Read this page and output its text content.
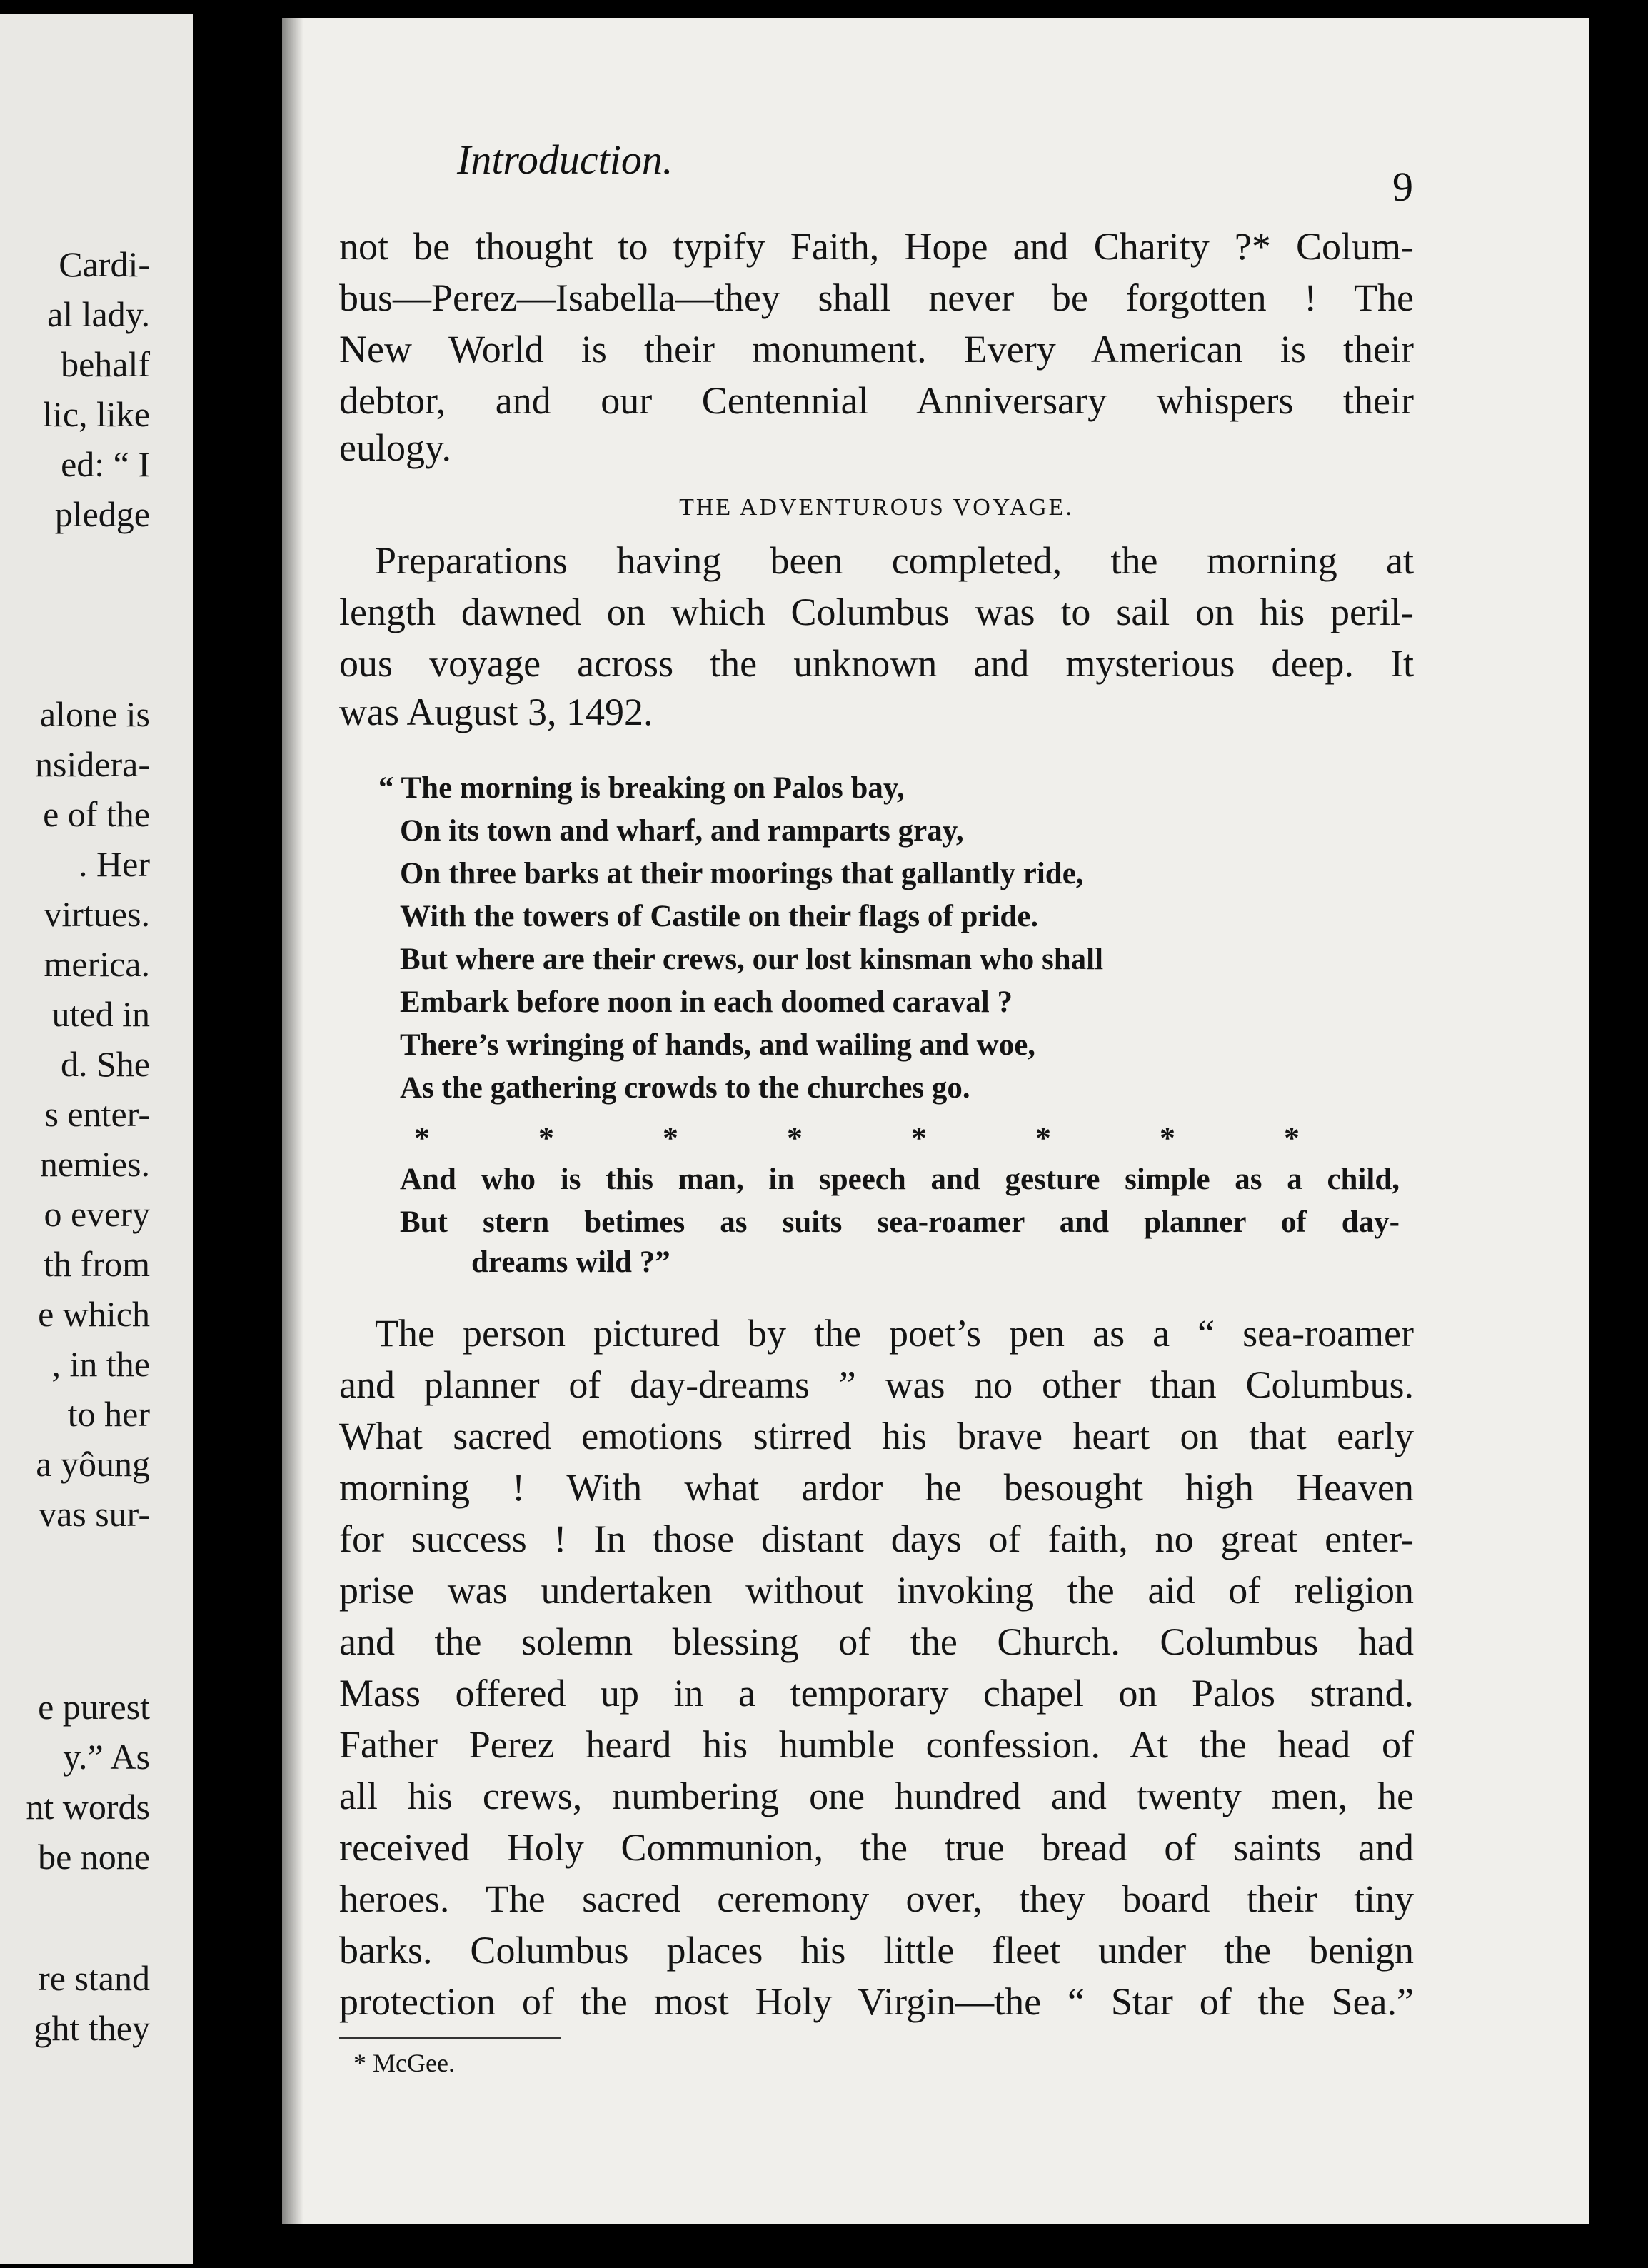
Cardi-
al lady.
behalf
lic, like
ed: “ I
pledge
alone is
nsidera-
e of the
. Her
virtues.
merica.
uted in
d. She
s enter-
nemies.
o every
th from
e which
, in the
to her
a yôung
vas sur-
e purest
y.” As
nt words
be none
re stand
ght they
Introduction.
9
not be thought to typify Faith, Hope and Charity ?* Colum-
bus—Perez—Isabella—they shall never be forgotten ! The
New World is their monument. Every American is their
debtor, and our Centennial Anniversary whispers their
eulogy.
THE ADVENTUROUS VOYAGE.
Preparations having been completed, the morning at
length dawned on which Columbus was to sail on his peril-
ous voyage across the unknown and mysterious deep. It
was August 3, 1492.
“ The morning is breaking on Palos bay,
On its town and wharf, and ramparts gray,
On three barks at their moorings that gallantly ride,
With the towers of Castile on their flags of pride.
But where are their crews, our lost kinsman who shall
Embark before noon in each doomed caraval ?
There’s wringing of hands, and wailing and woe,
As the gathering crowds to the churches go.
*	*	*	*	*	*	*	*
And who is this man, in speech and gesture simple as a child,
But stern betimes as suits sea-roamer and planner of day-
dreams wild ?”
The person pictured by the poet’s pen as a “ sea-roamer
and planner of day-dreams ” was no other than Columbus.
What sacred emotions stirred his brave heart on that early
morning ! With what ardor he besought high Heaven
for success ! In those distant days of faith, no great enter-
prise was undertaken without invoking the aid of religion
and the solemn blessing of the Church. Columbus had
Mass offered up in a temporary chapel on Palos strand.
Father Perez heard his humble confession. At the head of
all his crews, numbering one hundred and twenty men, he
received Holy Communion, the true bread of saints and
heroes. The sacred ceremony over, they board their tiny
barks. Columbus places his little fleet under the benign
protection of the most Holy Virgin—the “ Star of the Sea.”
* McGee.
